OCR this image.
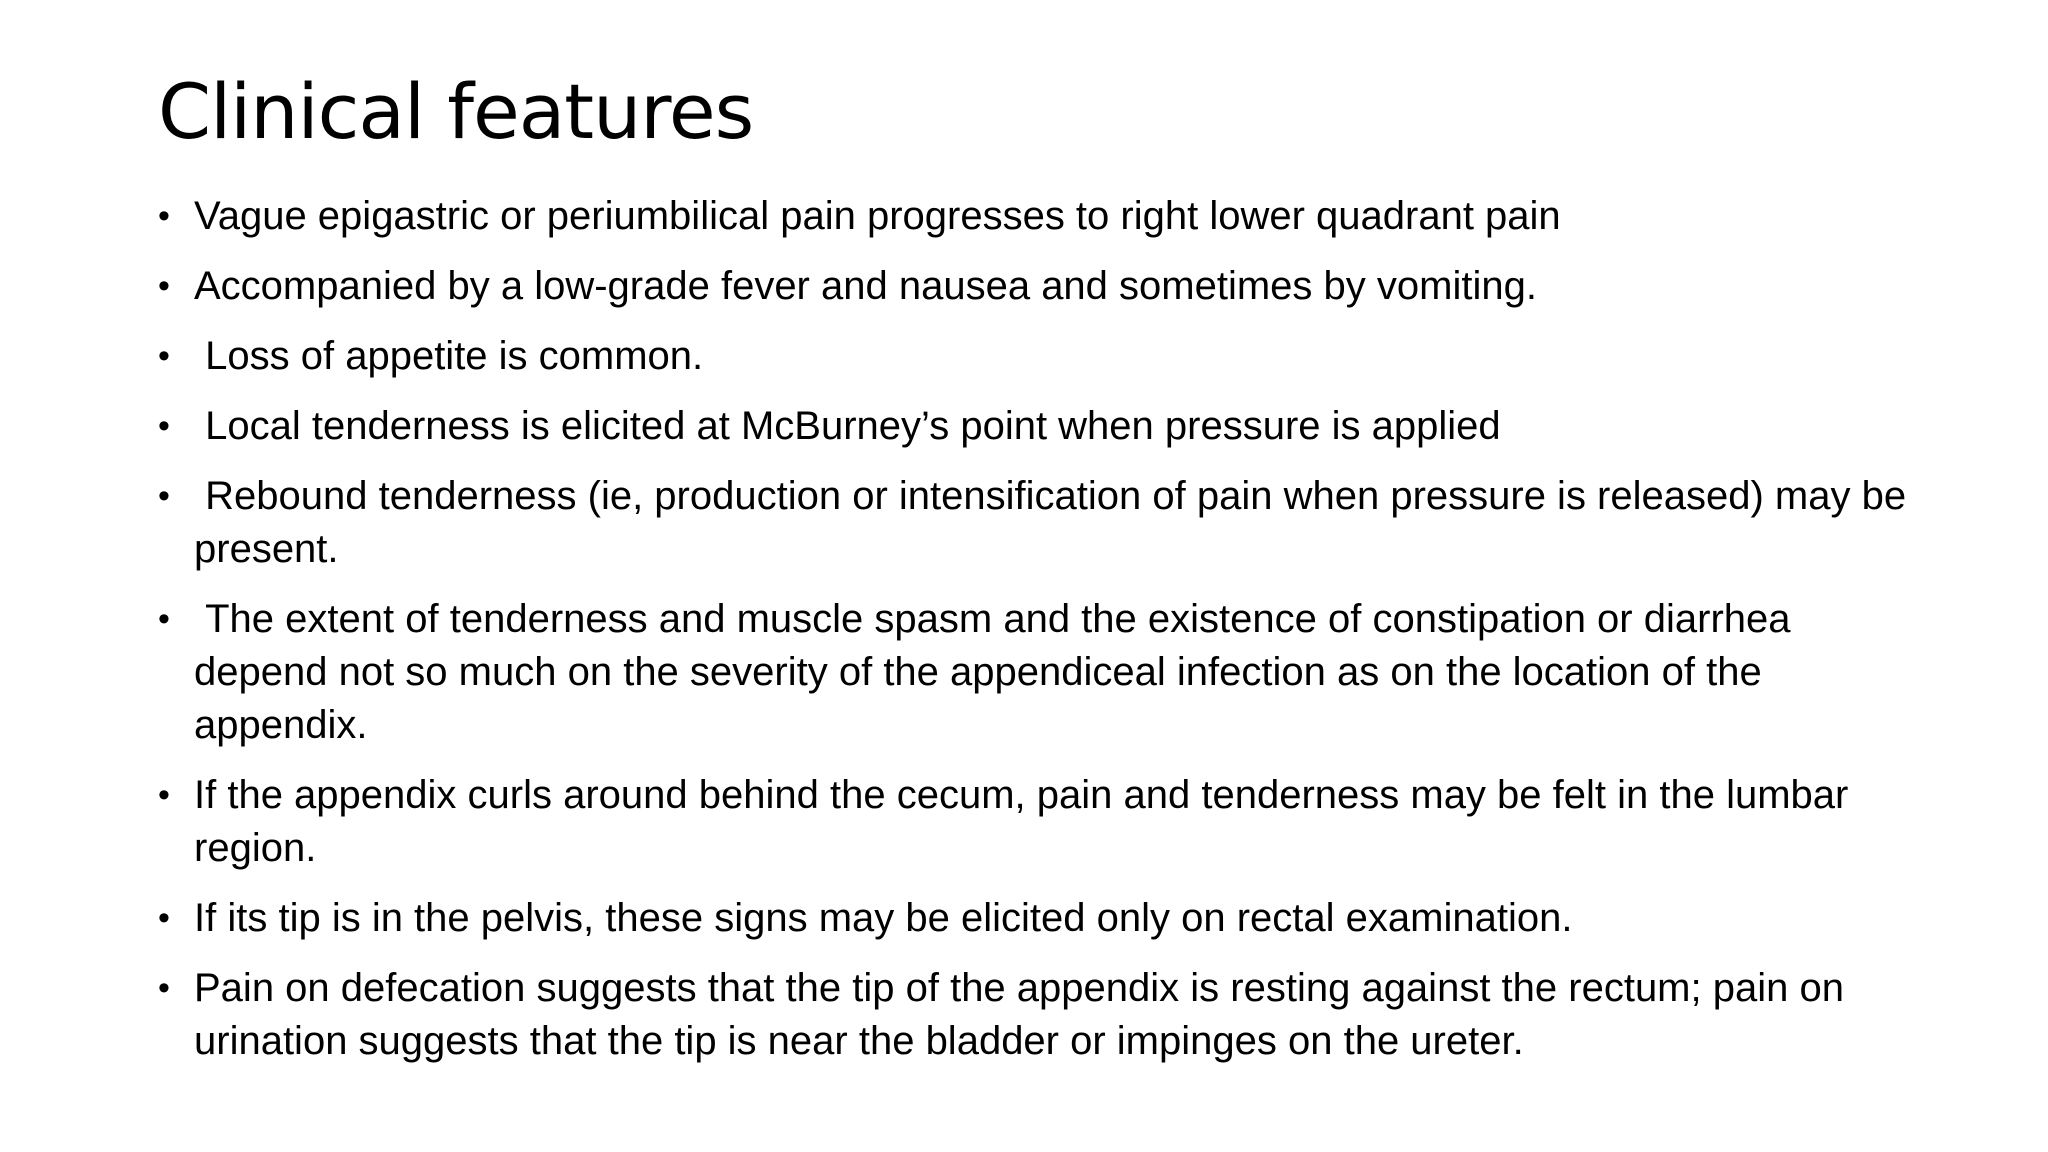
Clinical features
• Vague epigastric or periumbilical pain progresses to right lower quadrant pain
• Accompanied by a low-grade fever and nausea and sometimes by vomiting.
• Loss of appetite is common.
• Local tenderness is elicited at McBurney’s point when pressure is applied
• Rebound tenderness (ie, production or intensification of pain when pressure is released) may be present.
• The extent of tenderness and muscle spasm and the existence of constipation or diarrhea depend not so much on the severity of the appendiceal infection as on the location of the appendix.
• If the appendix curls around behind the cecum, pain and tenderness may be felt in the lumbar region.
• If its tip is in the pelvis, these signs may be elicited only on rectal examination.
• Pain on defecation suggests that the tip of the appendix is resting against the rectum; pain on urination suggests that the tip is near the bladder or impinges on the ureter.
